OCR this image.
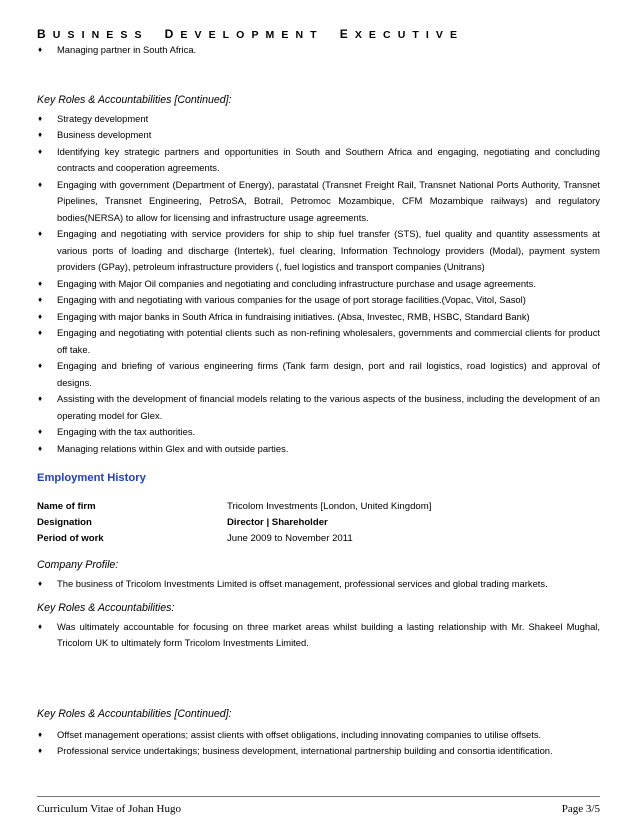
BUSINESS DEVELOPMENT EXECUTIVE
♦ Managing partner in South Africa.

Key Roles & Accountabilities [Continued]:

♦ Strategy development
♦ Business development
♦ Identifying key strategic partners and opportunities in South and Southern Africa and engaging, negotiating and concluding contracts and cooperation agreements.
♦ Engaging with government (Department of Energy), parastatal (Transnet Freight Rail, Transnet National Ports Authority, Transnet Pipelines, Transnet Engineering, PetroSA, Botrail, Petromoc Mozambique, CFM Mozambique railways) and regulatory bodies(NERSA) to allow for licensing and infrastructure usage agreements.
♦ Engaging and negotiating with service providers for ship to ship fuel transfer (STS), fuel quality and quantity assessments at various ports of loading and discharge (Intertek), fuel clearing, Information Technology providers (Modal), payment system providers (GPay), petroleum infrastructure providers (, fuel logistics and transport companies (Unitrans)
♦ Engaging with Major Oil companies and negotiating and concluding infrastructure purchase and usage agreements.
♦ Engaging with and negotiating with various companies for the usage of port storage facilities.(Vopac, Vitol, Sasol)
♦ Engaging with major banks in South Africa in fundraising initiatives. (Absa, Investec, RMB, HSBC, Standard Bank)
♦ Engaging and negotiating with potential clients such as non-refining wholesalers, governments and commercial clients for product off take.
♦ Engaging and briefing of various engineering firms (Tank farm design, port and rail logistics, road logistics) and approval of designs.
♦ Assisting with the development of financial models relating to the various aspects of the business, including the development of an operating model for Glex.
♦ Engaging with the tax authorities.
♦ Managing relations within Glex and with outside parties.

Employment History

Name of firm	Tricolom Investments [London, United Kingdom]
Designation	Director | Shareholder
Period of work	June 2009 to November 2011

Company Profile:

♦ The business of Tricolom Investments Limited is offset management, professional services and global trading markets.

Key Roles & Accountabilities:

♦ Was ultimately accountable for focusing on three market areas whilst building a lasting relationship with Mr. Shakeel Mughal, Tricolom UK to ultimately form Tricolom Investments Limited.

Key Roles & Accountabilities [Continued]:

♦ Offset management operations; assist clients with offset obligations, including innovating companies to utilise offsets.
♦ Professional service undertakings; business development, international partnership building and consortia identification.
Curriculum Vitae of Johan Hugo	Page 3/5
